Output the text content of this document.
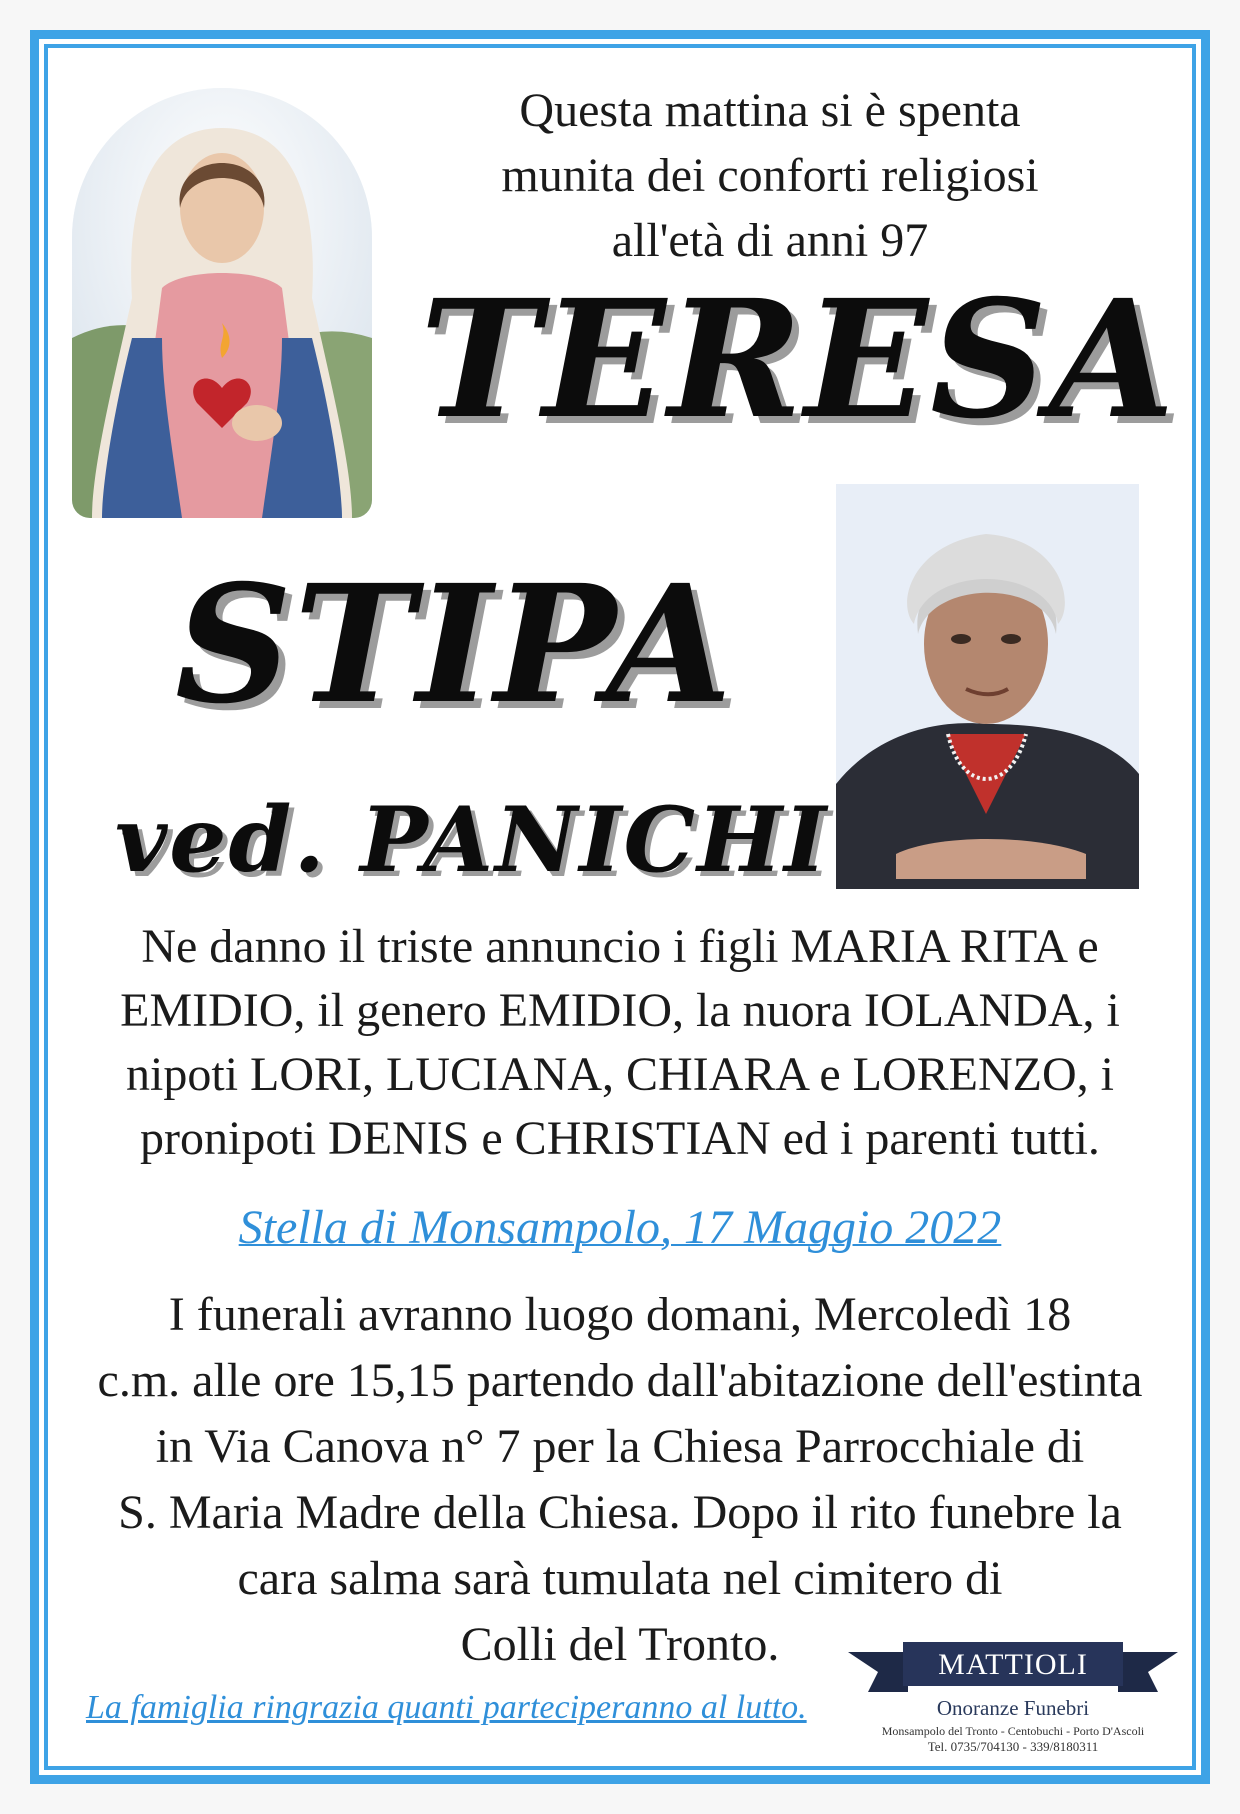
Questa mattina si è spenta
munita dei conforti religiosi
all'età di anni 97
TERESA
STIPA
ved. PANICHI
Ne danno il triste annuncio i figli MARIA RITA e
EMIDIO, il genero EMIDIO, la nuora IOLANDA, i
nipoti LORI, LUCIANA, CHIARA e LORENZO, i
pronipoti DENIS e CHRISTIAN ed i parenti tutti.
Stella di Monsampolo, 17 Maggio 2022
I funerali avranno luogo domani, Mercoledì 18
c.m. alle ore 15,15 partendo dall'abitazione dell'estinta
in Via Canova n° 7 per la Chiesa Parrocchiale di
S. Maria Madre della Chiesa. Dopo il rito funebre la
cara salma sarà tumulata nel cimitero di
Colli del Tronto.
La famiglia ringrazia quanti parteciperanno al lutto.
MATTIOLI
Onoranze Funebri
Monsampolo del Tronto - Centobuchi - Porto D'Ascoli
Tel. 0735/704130 - 339/8180311
